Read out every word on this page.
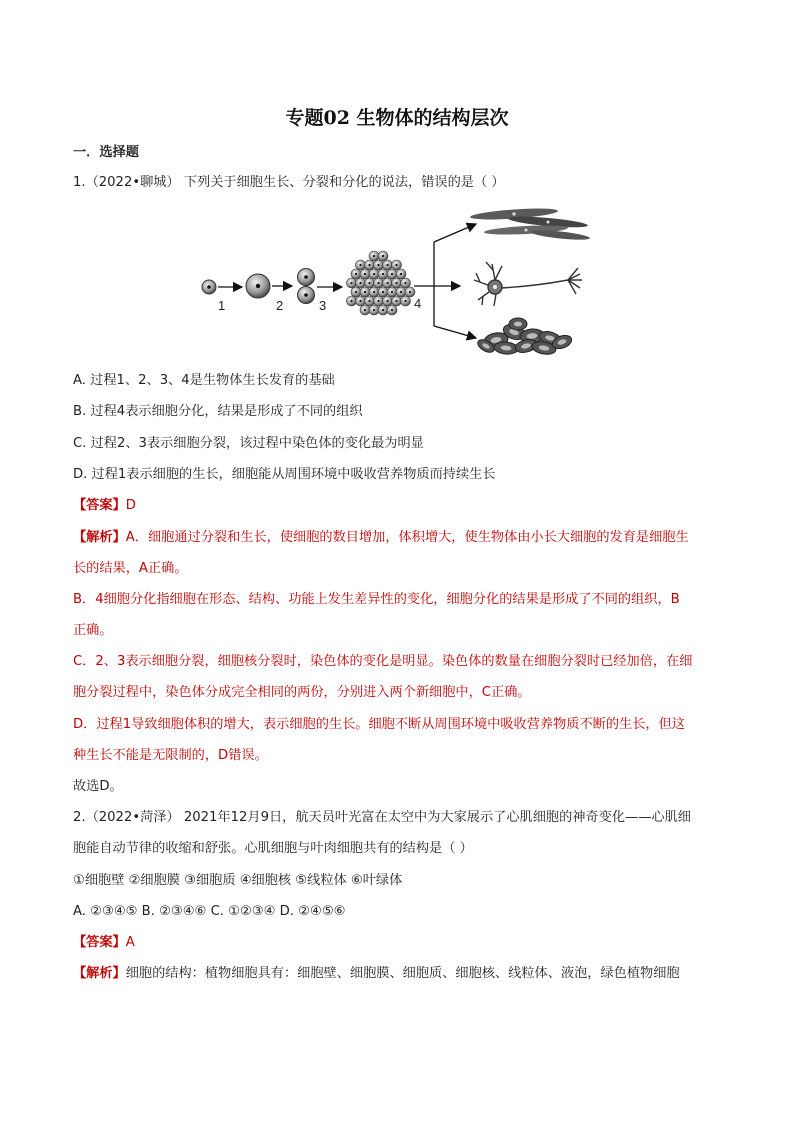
专题02 生物体的结构层次
一．选择题
1.（2022•聊城） 下列关于细胞生长、分裂和分化的说法，错误的是（ ）
1	2	3	4
A. 过程1、2、3、4是生物体生长发育的基础
B. 过程4表示细胞分化，结果是形成了不同的组织
C. 过程2、3表示细胞分裂，该过程中染色体的变化最为明显
D. 过程1表示细胞的生长，细胞能从周围环境中吸收营养物质而持续生长
【答案】D
【解析】A．细胞通过分裂和生长，使细胞的数目增加，体积增大，使生物体由小长大细胞的发育是细胞生
长的结果，A正确。
B．4细胞分化指细胞在形态、结构、功能上发生差异性的变化，细胞分化的结果是形成了不同的组织，B
正确。
C．2、3表示细胞分裂，细胞核分裂时，染色体的变化是明显。染色体的数量在细胞分裂时已经加倍，在细
胞分裂过程中，染色体分成完全相同的两份，分别进入两个新细胞中，C正确。
D．过程1导致细胞体积的增大，表示细胞的生长。细胞不断从周围环境中吸收营养物质不断的生长，但这
种生长不能是无限制的，D错误。
故选D。
2.（2022•菏泽） 2021年12月9日，航天员叶光富在太空中为大家展示了心肌细胞的神奇变化——心肌细
胞能自动节律的收缩和舒张。心肌细胞与叶肉细胞共有的结构是（ ）
①细胞壁 ②细胞膜 ③细胞质 ④细胞核 ⑤线粒体 ⑥叶绿体
A. ②③④⑤ B. ②③④⑥ C. ①②③④ D. ②④⑤⑥
【答案】A
【解析】细胞的结构：植物细胞具有：细胞壁、细胞膜、细胞质、细胞核、线粒体、液泡，绿色植物细胞
